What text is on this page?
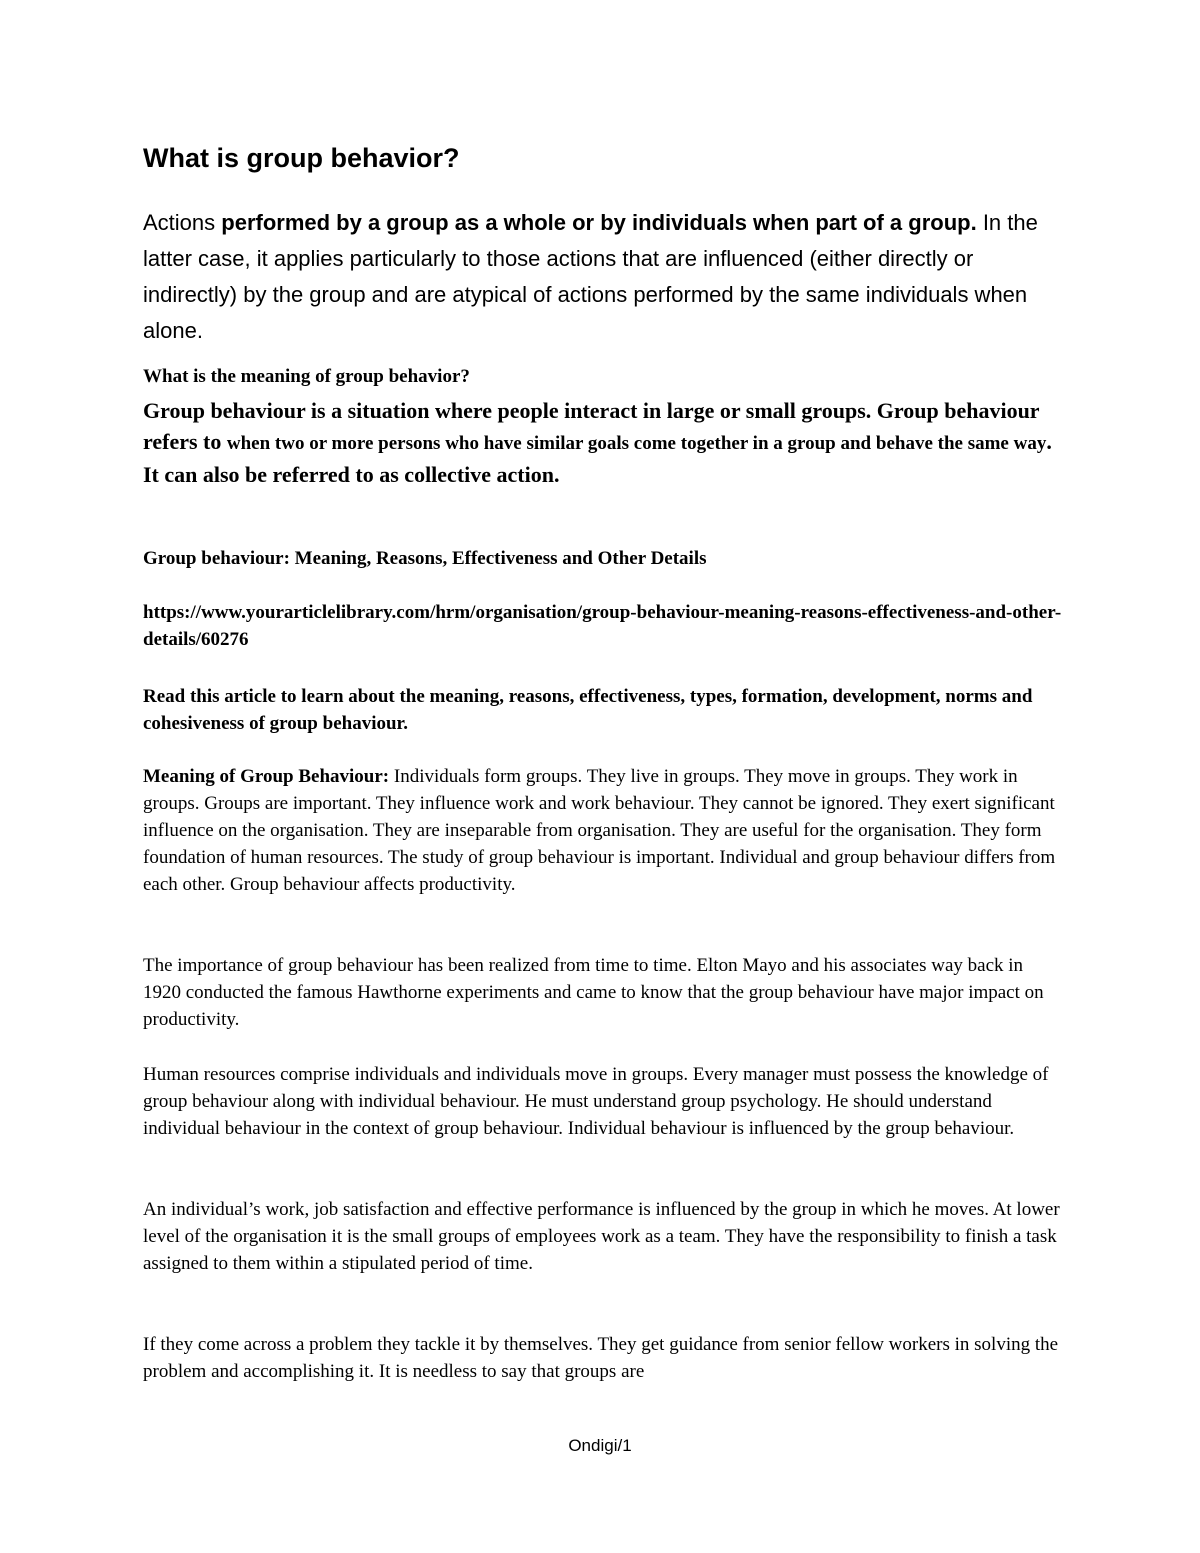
What is group behavior?

Actions performed by a group as a whole or by individuals when part of a group. In the latter case, it applies particularly to those actions that are influenced (either directly or indirectly) by the group and are atypical of actions performed by the same individuals when alone.

What is the meaning of group behavior?

Group behaviour is a situation where people interact in large or small groups. Group behaviour refers to when two or more persons who have similar goals come together in a group and behave the same way. It can also be referred to as collective action.

Group behaviour: Meaning, Reasons, Effectiveness and Other Details

https://www.yourarticlelibrary.com/hrm/organisation/group-behaviour-meaning-reasons-effectiveness-and-other-details/60276

Read this article to learn about the meaning, reasons, effectiveness, types, formation, development, norms and cohesiveness of group behaviour.

Meaning of Group Behaviour: Individuals form groups. They live in groups. They move in groups. They work in groups. Groups are important. They influence work and work behaviour. They cannot be ignored. They exert significant influence on the organisation. They are inseparable from organisation. They are useful for the organisation. They form foundation of human resources. The study of group behaviour is important. Individual and group behaviour differs from each other. Group behaviour affects productivity.

The importance of group behaviour has been realized from time to time. Elton Mayo and his associates way back in 1920 conducted the famous Hawthorne experiments and came to know that the group behaviour have major impact on productivity.

Human resources comprise individuals and individuals move in groups. Every manager must possess the knowledge of group behaviour along with individual behaviour. He must understand group psychology. He should understand individual behaviour in the context of group behaviour. Individual behaviour is influenced by the group behaviour.

An individual’s work, job satisfaction and effective performance is influenced by the group in which he moves. At lower level of the organisation it is the small groups of employees work as a team. They have the responsibility to finish a task assigned to them within a stipulated period of time.

If they come across a problem they tackle it by themselves. They get guidance from senior fellow workers in solving the problem and accomplishing it. It is needless to say that groups are

Ondigi/1
